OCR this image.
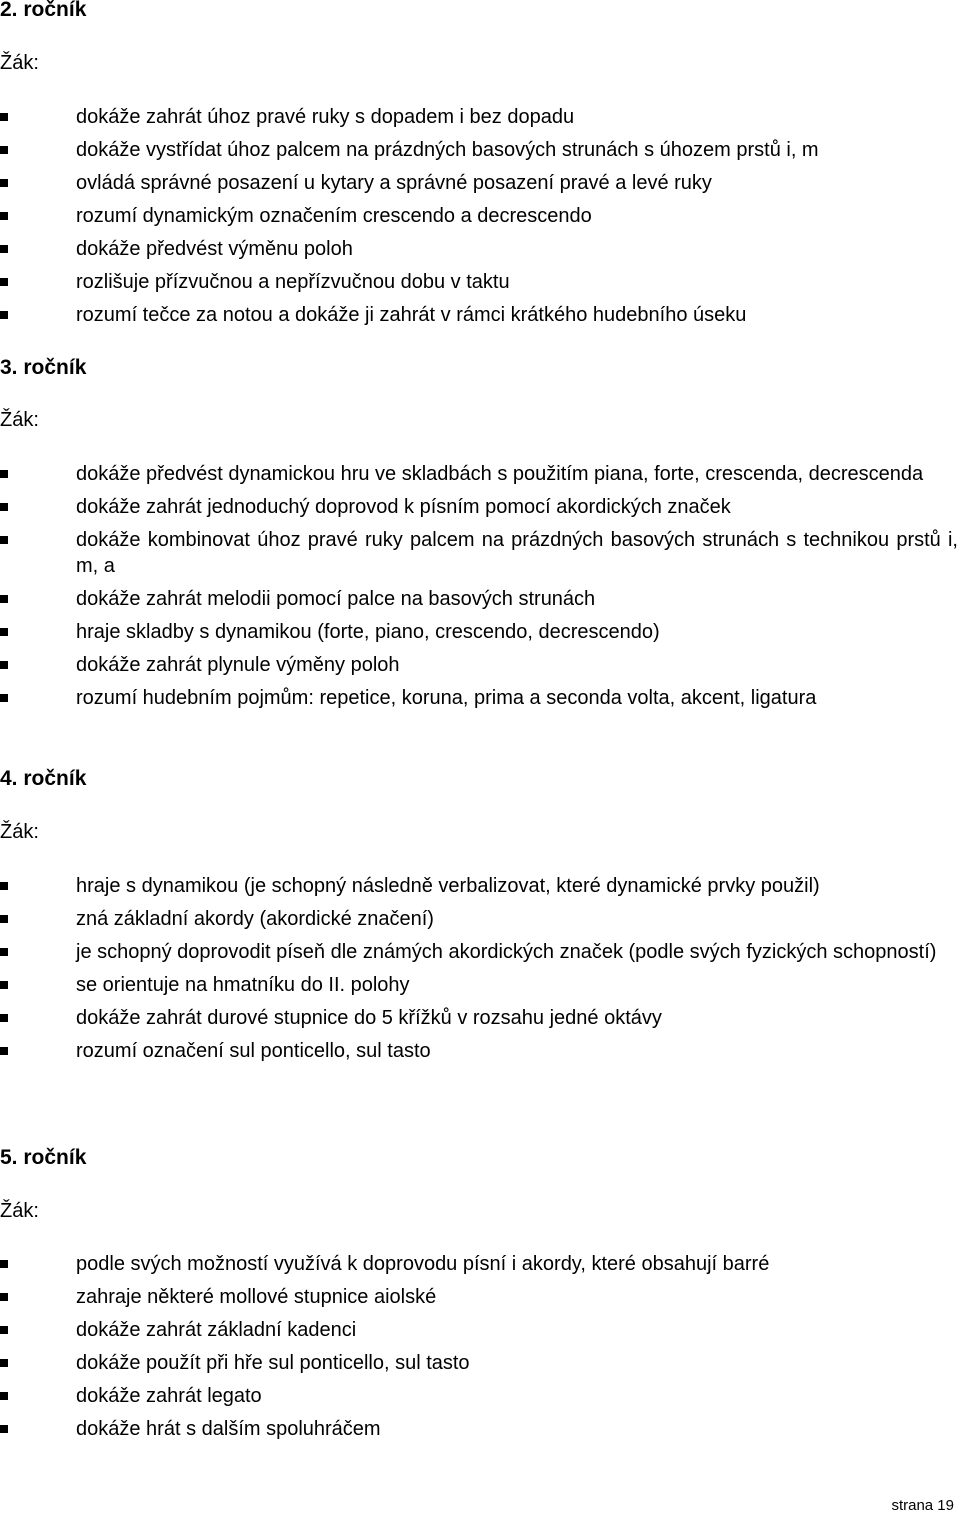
2. ročník
Žák:
dokáže zahrát úhoz pravé ruky s dopadem i bez dopadu
dokáže vystřídat úhoz palcem na prázdných basových strunách s úhozem prstů i, m
ovládá správné posazení u kytary a správné posazení pravé a levé ruky
rozumí dynamickým označením crescendo a decrescendo
dokáže předvést výměnu poloh
rozlišuje přízvučnou a nepřízvučnou dobu v taktu
rozumí tečce za notou a dokáže ji zahrát v rámci krátkého hudebního úseku
3. ročník
Žák:
dokáže předvést dynamickou hru ve skladbách s použitím piana, forte, crescenda, decrescenda
dokáže zahrát jednoduchý doprovod k písním pomocí akordických značek
dokáže kombinovat úhoz pravé ruky palcem na prázdných basových strunách s technikou prstů i, m, a
dokáže zahrát melodii pomocí palce na basových strunách
hraje skladby s dynamikou (forte, piano, crescendo, decrescendo)
dokáže zahrát plynule výměny poloh
rozumí hudebním pojmům: repetice, koruna, prima a seconda volta, akcent, ligatura
4. ročník
Žák:
hraje s dynamikou (je schopný následně verbalizovat, které dynamické prvky použil)
zná základní akordy (akordické značení)
je schopný doprovodit píseň dle známých akordických značek (podle svých fyzických schopností)
se orientuje na hmatníku do II. polohy
dokáže zahrát durové stupnice do 5 křížků v rozsahu jedné oktávy
rozumí označení sul ponticello, sul tasto
5. ročník
Žák:
podle svých možností využívá k doprovodu písní i akordy, které obsahují barré
zahraje některé mollové stupnice aiolské
dokáže zahrát základní kadenci
dokáže použít při hře sul ponticello, sul tasto
dokáže zahrát legato
dokáže hrát s dalším spoluhráčem
strana 19
